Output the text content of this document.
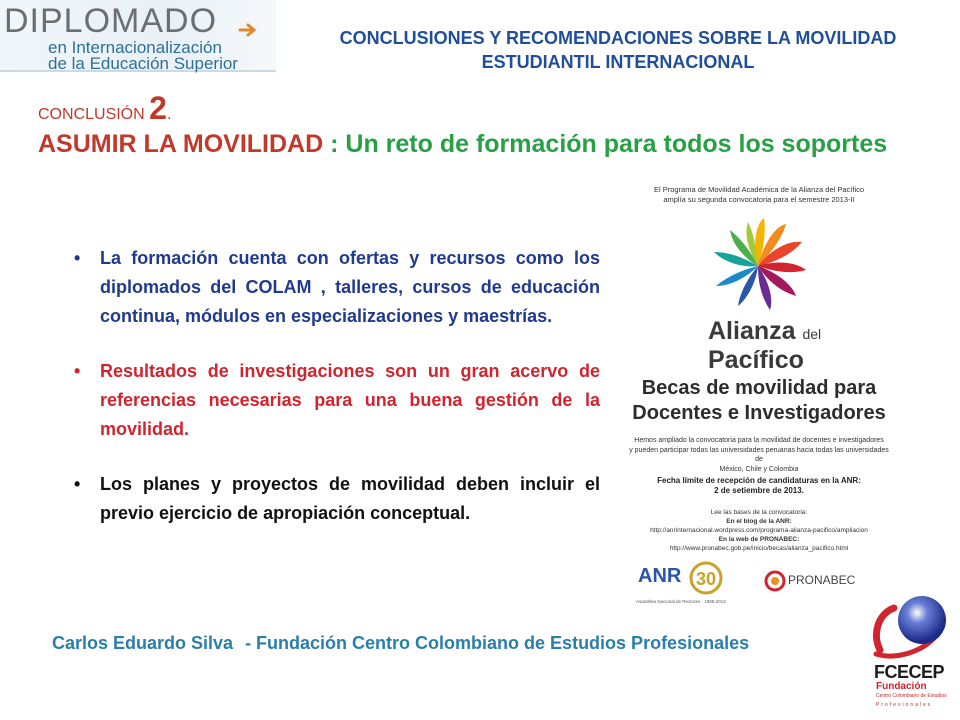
DIPLOMADO
en Internacionalización
de la Educación Superior
CONCLUSIONES Y RECOMENDACIONES SOBRE LA MOVILIDAD
ESTUDIANTIL INTERNACIONAL
CONCLUSIÓN 2.
ASUMIR LA MOVILIDAD : Un reto de formación para todos los soportes
• La formación cuenta con ofertas y recursos como los diplomados del COLAM , talleres, cursos de educación continua, módulos en especializaciones y maestrías.
• Resultados de investigaciones son un gran acervo de referencias necesarias para una buena gestión de la movilidad.
• Los planes y proyectos de movilidad deben incluir el previo ejercicio de apropiación conceptual.
El Programa de Movilidad Académica de la Alianza del Pacífico
amplía su segunda convocatoria para el semestre 2013-II
Alianza del
Pacífico
Becas de movilidad para
Docentes e Investigadores
Hemos ampliado la convocatoria para la movilidad de docentes e investigadores
y pueden participar todas las universidades peruanas hacia todas las universidades de
México, Chile y Colombia
Fecha límite de recepción de candidaturas en la ANR:
2 de setiembre de 2013.
Lee las bases de la convocatoria:
En el blog de la ANR:
http://anrinternacional.wordpress.com/programa-alianza-pacifico/ampliacion
En la web de PRONABEC:
http://www.pronabec.gob.pe/inicio/becas/alianza_pacifico.html
ANR 30
Asamblea Nacional de Rectores · 1995-2013
PRONABEC
Carlos Eduardo Silva - Fundación Centro Colombiano de Estudios Profesionales
FCECEP
Fundación
Centro Colombiano de Estudios
Profesionales
